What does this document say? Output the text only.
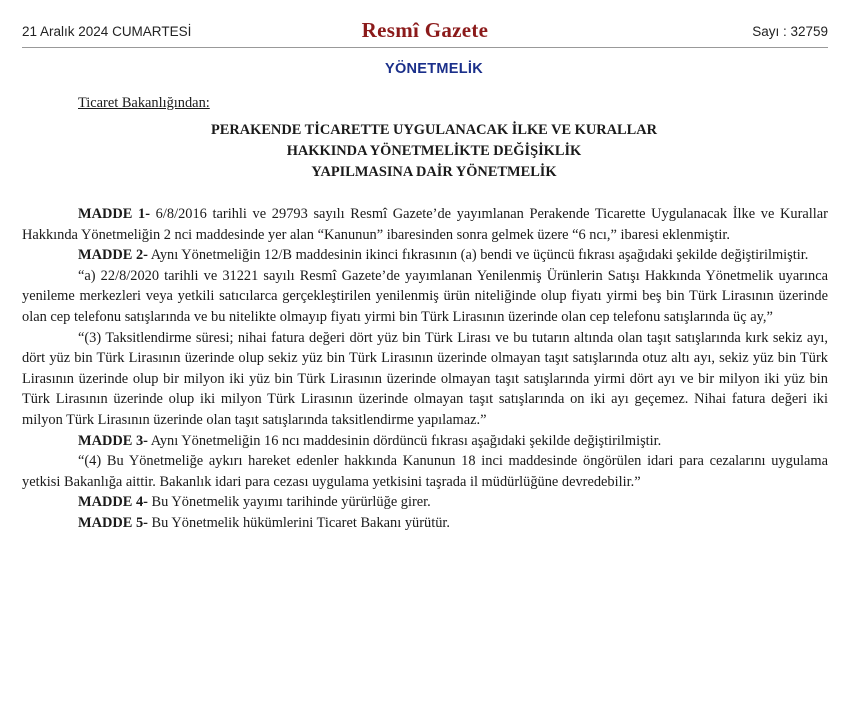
21 Aralık 2024 CUMARTESİ	Resmî Gazete	Sayı : 32759
YÖNETMELİK
Ticaret Bakanlığından:
PERAKENDE TİCARETTE UYGULANACAK İLKE VE KURALLAR
HAKKINDA YÖNETMELİKTE DEĞİŞİKLİK
YAPILMASINA DAİR YÖNETMELİK
MADDE 1- 6/8/2016 tarihli ve 29793 sayılı Resmî Gazete’de yayımlanan Perakende Ticarette Uygulanacak İlke ve Kurallar Hakkında Yönetmeliğin 2 nci maddesinde yer alan “Kanunun” ibaresinden sonra gelmek üzere “6 ncı,” ibaresi eklenmiştir.
MADDE 2- Aynı Yönetmeliğin 12/B maddesinin ikinci fıkrasının (a) bendi ve üçüncü fıkrası aşağıdaki şekilde değiştirilmiştir.
“a) 22/8/2020 tarihli ve 31221 sayılı Resmî Gazete’de yayımlanan Yenilenmiş Ürünlerin Satışı Hakkında Yönetmelik uyarınca yenileme merkezleri veya yetkili satıcılarca gerçekleştirilen yenilenmiş ürün niteliğinde olup fiyatı yirmi beş bin Türk Lirasının üzerinde olan cep telefonu satışlarında ve bu nitelikte olmayıp fiyatı yirmi bin Türk Lirasının üzerinde olan cep telefonu satışlarında üç ay,”
“(3) Taksitlendirme süresi; nihai fatura değeri dört yüz bin Türk Lirası ve bu tutarın altında olan taşıt satışlarında kırk sekiz ayı, dört yüz bin Türk Lirasının üzerinde olup sekiz yüz bin Türk Lirasının üzerinde olmayan taşıt satışlarında otuz altı ayı, sekiz yüz bin Türk Lirasının üzerinde olup bir milyon iki yüz bin Türk Lirasının üzerinde olmayan taşıt satışlarında yirmi dört ayı ve bir milyon iki yüz bin Türk Lirasının üzerinde olup iki milyon Türk Lirasının üzerinde olmayan taşıt satışlarında on iki ayı geçemez. Nihai fatura değeri iki milyon Türk Lirasının üzerinde olan taşıt satışlarında taksitlendirme yapılamaz.”
MADDE 3- Aynı Yönetmeliğin 16 ncı maddesinin dördüncü fıkrası aşağıdaki şekilde değiştirilmiştir.
“(4) Bu Yönetmeliğe aykırı hareket edenler hakkında Kanunun 18 inci maddesinde öngörülen idari para cezalarını uygulama yetkisi Bakanlığa aittir. Bakanlık idari para cezası uygulama yetkisini taşrada il müdürlüğüne devredebilir.”
MADDE 4- Bu Yönetmelik yayımı tarihinde yürürlüğe girer.
MADDE 5- Bu Yönetmelik hükümlerini Ticaret Bakanı yürütür.
